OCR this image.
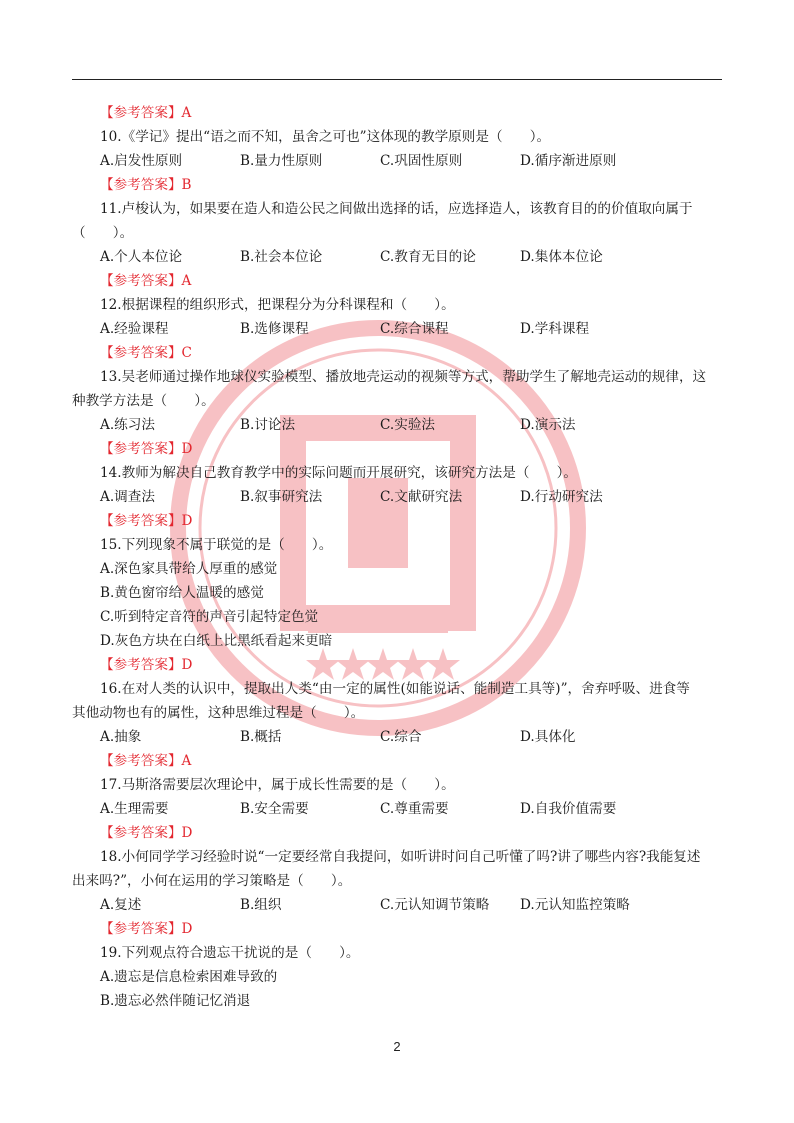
【参考答案】A
10.《学记》提出“语之而不知，虽舍之可也”这体现的教学原则是（　　）。
A.启发性原则	B.量力性原则	C.巩固性原则	D.循序渐进原则
【参考答案】B
11.卢梭认为，如果要在造人和造公民之间做出选择的话，应选择造人，该教育目的的价值取向属于
（　　）。
A.个人本位论	B.社会本位论	C.教育无目的论	D.集体本位论
【参考答案】A
12.根据课程的组织形式，把课程分为分科课程和（　　）。
A.经验课程	B.选修课程	C.综合课程	D.学科课程
【参考答案】C
13.吴老师通过操作地球仪实验模型、播放地壳运动的视频等方式，帮助学生了解地壳运动的规律，这
种教学方法是（　　）。
A.练习法	B.讨论法	C.实验法	D.演示法
【参考答案】D
14.教师为解决自己教育教学中的实际问题而开展研究，该研究方法是（　　）。
A.调查法	B.叙事研究法	C.文献研究法	D.行动研究法
【参考答案】D
15.下列现象不属于联觉的是（　　）。
A.深色家具带给人厚重的感觉
B.黄色窗帘给人温暖的感觉
C.听到特定音符的声音引起特定色觉
D.灰色方块在白纸上比黑纸看起来更暗
【参考答案】D
16.在对人类的认识中，提取出人类“由一定的属性(如能说话、能制造工具等)”，舍弃呼吸、进食等
其他动物也有的属性，这种思维过程是（　　）。
A.抽象	B.概括	C.综合	D.具体化
【参考答案】A
17.马斯洛需要层次理论中，属于成长性需要的是（　　）。
A.生理需要	B.安全需要	C.尊重需要	D.自我价值需要
【参考答案】D
18.小何同学学习经验时说“一定要经常自我提问，如听讲时问自己听懂了吗?讲了哪些内容?我能复述
出来吗?”，小何在运用的学习策略是（　　）。
A.复述	B.组织	C.元认知调节策略	D.元认知监控策略
【参考答案】D
19.下列观点符合遗忘干扰说的是（　　）。
A.遗忘是信息检索困难导致的
B.遗忘必然伴随记忆消退
2
